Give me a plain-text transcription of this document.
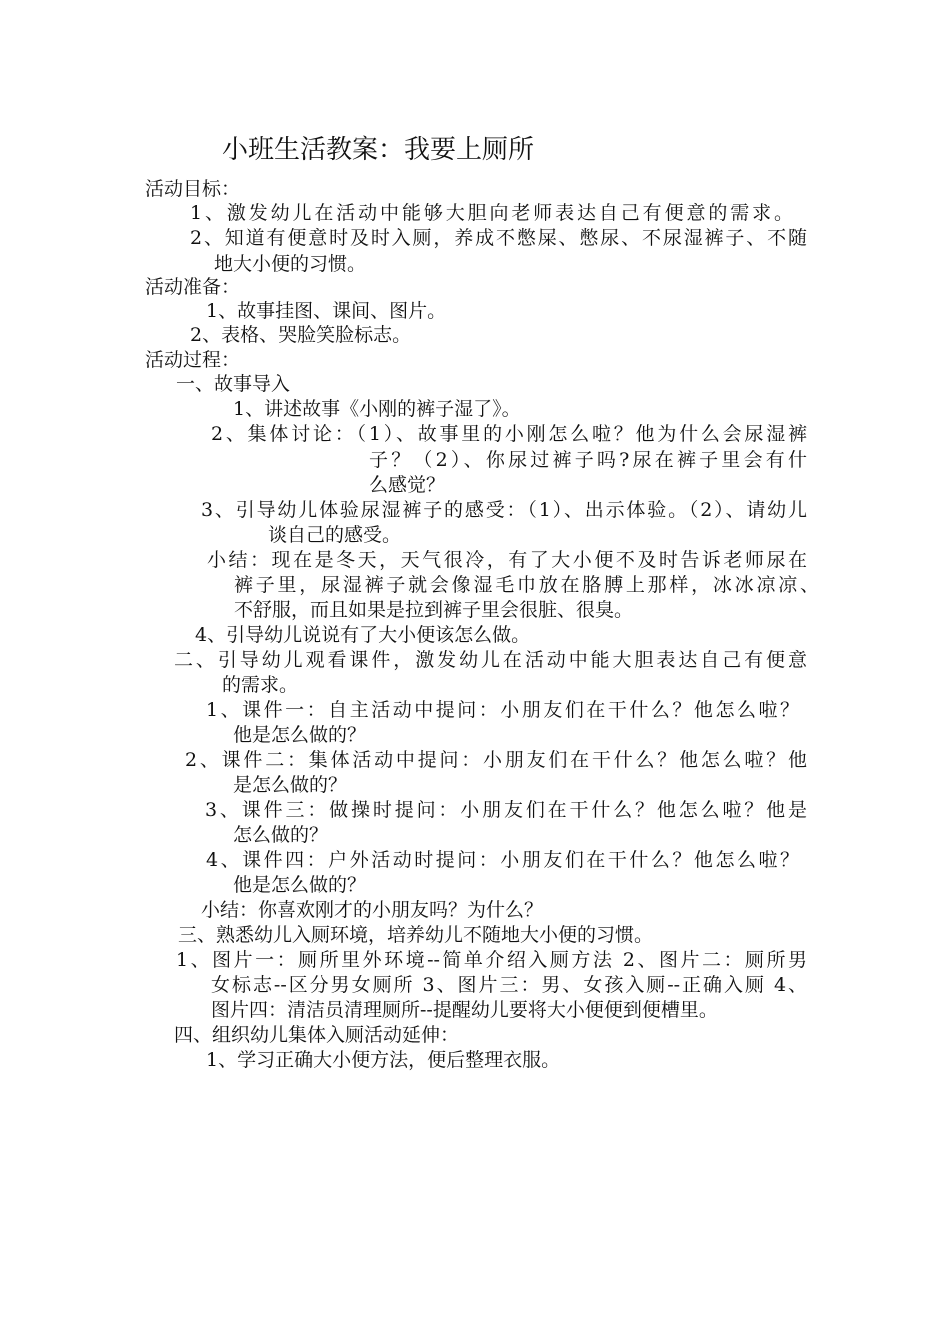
小班生活教案：我要上厕所
活动目标：
1、激发幼儿在活动中能够大胆向老师表达自己有便意的需求。
2、知道有便意时及时入厕，养成不憋屎、憋尿、不尿湿裤子、不随
地大小便的习惯。
活动准备：
1、故事挂图、课间、图片。
2、表格、哭脸笑脸标志。
活动过程：
一、故事导入
1、讲述故事《小刚的裤子湿了》。
2、集体讨论：（1）、故事里的小刚怎么啦？他为什么会尿湿裤
子？（2）、你尿过裤子吗?尿在裤子里会有什
么感觉？
3、引导幼儿体验尿湿裤子的感受：（1）、出示体验。（2）、请幼儿
谈自己的感受。
小结：现在是冬天，天气很冷，有了大小便不及时告诉老师尿在
裤子里，尿湿裤子就会像湿毛巾放在胳膊上那样，冰冰凉凉、
不舒服，而且如果是拉到裤子里会很脏、很臭。
4、引导幼儿说说有了大小便该怎么做。
二、引导幼儿观看课件，激发幼儿在活动中能大胆表达自己有便意
的需求。
1、课件一：自主活动中提问：小朋友们在干什么？他怎么啦？
他是怎么做的？
2、课件二：集体活动中提问：小朋友们在干什么？他怎么啦？他
是怎么做的？
3、课件三：做操时提问：小朋友们在干什么？他怎么啦？他是
怎么做的？
4、课件四：户外活动时提问：小朋友们在干什么？他怎么啦？
他是怎么做的？
小结：你喜欢刚才的小朋友吗？为什么？
三、熟悉幼儿入厕环境，培养幼儿不随地大小便的习惯。
1、图片一：厕所里外环境--简单介绍入厕方法 2、图片二：厕所男
女标志--区分男女厕所 3、图片三：男、女孩入厕--正确入厕 4、
图片四：清洁员清理厕所--提醒幼儿要将大小便便到便槽里。
四、组织幼儿集体入厕活动延伸：
1、学习正确大小便方法，便后整理衣服。
